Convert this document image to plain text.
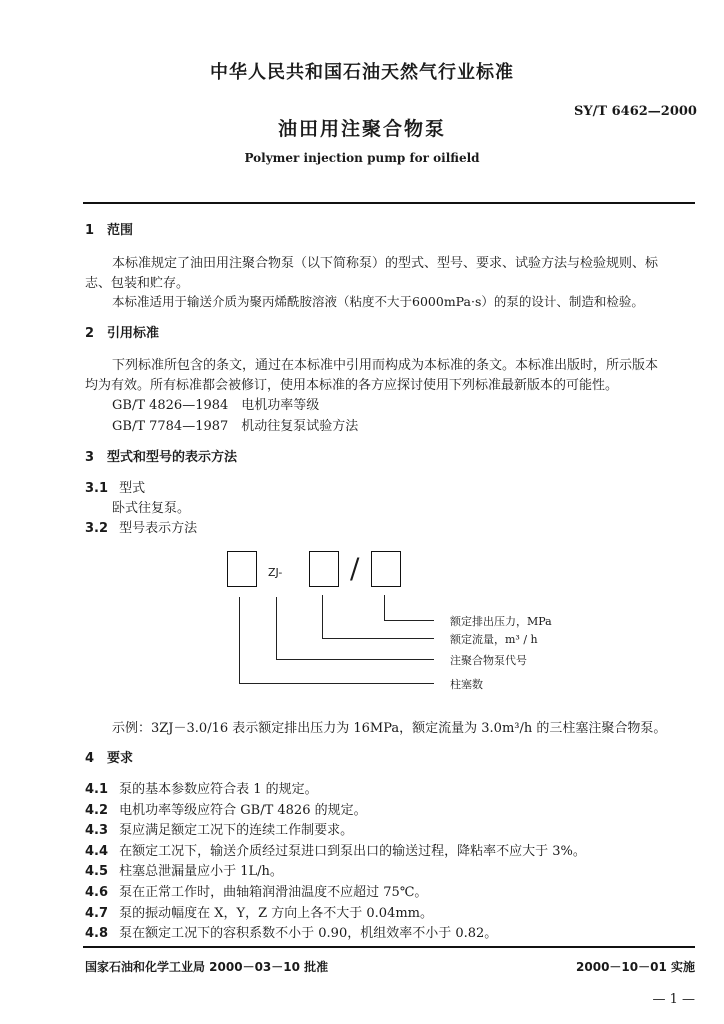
中华人民共和国石油天然气行业标准
SY/T 6462—2000
油田用注聚合物泵
Polymer injection pump for oilfield
1　范围
本标准规定了油田用注聚合物泵（以下简称泵）的型式、型号、要求、试验方法与检验规则、标
志、包装和贮存。
本标准适用于输送介质为聚丙烯酰胺溶液（粘度不大于6000mPa·s）的泵的设计、制造和检验。
2　引用标准
下列标准所包含的条文，通过在本标准中引用而构成为本标准的条文。本标准出版时，所示版本
均为有效。所有标准都会被修订，使用本标准的各方应探讨使用下列标准最新版本的可能性。
GB/T 4826—1984　电机功率等级
GB/T 7784—1987　机动往复泵试验方法
3　型式和型号的表示方法
3.1 型式
卧式往复泵。
3.2 型号表示方法
ZJ- /
额定排出压力，MPa
额定流量，m³ / h
注聚合物泵代号
柱塞数
示例：3ZJ－3.0/16 表示额定排出压力为 16MPa，额定流量为 3.0m³/h 的三柱塞注聚合物泵。
4　要求
4.1 泵的基本参数应符合表 1 的规定。
4.2 电机功率等级应符合 GB/T 4826 的规定。
4.3 泵应满足额定工况下的连续工作制要求。
4.4 在额定工况下，输送介质经过泵进口到泵出口的输送过程，降粘率不应大于 3%。
4.5 柱塞总泄漏量应小于 1L/h。
4.6 泵在正常工作时，曲轴箱润滑油温度不应超过 75℃。
4.7 泵的振动幅度在 X，Y，Z 方向上各不大于 0.04mm。
4.8 泵在额定工况下的容积系数不小于 0.90，机组效率不小于 0.82。
国家石油和化学工业局 2000－03－10 批准	2000－10－01 实施
— 1 —
